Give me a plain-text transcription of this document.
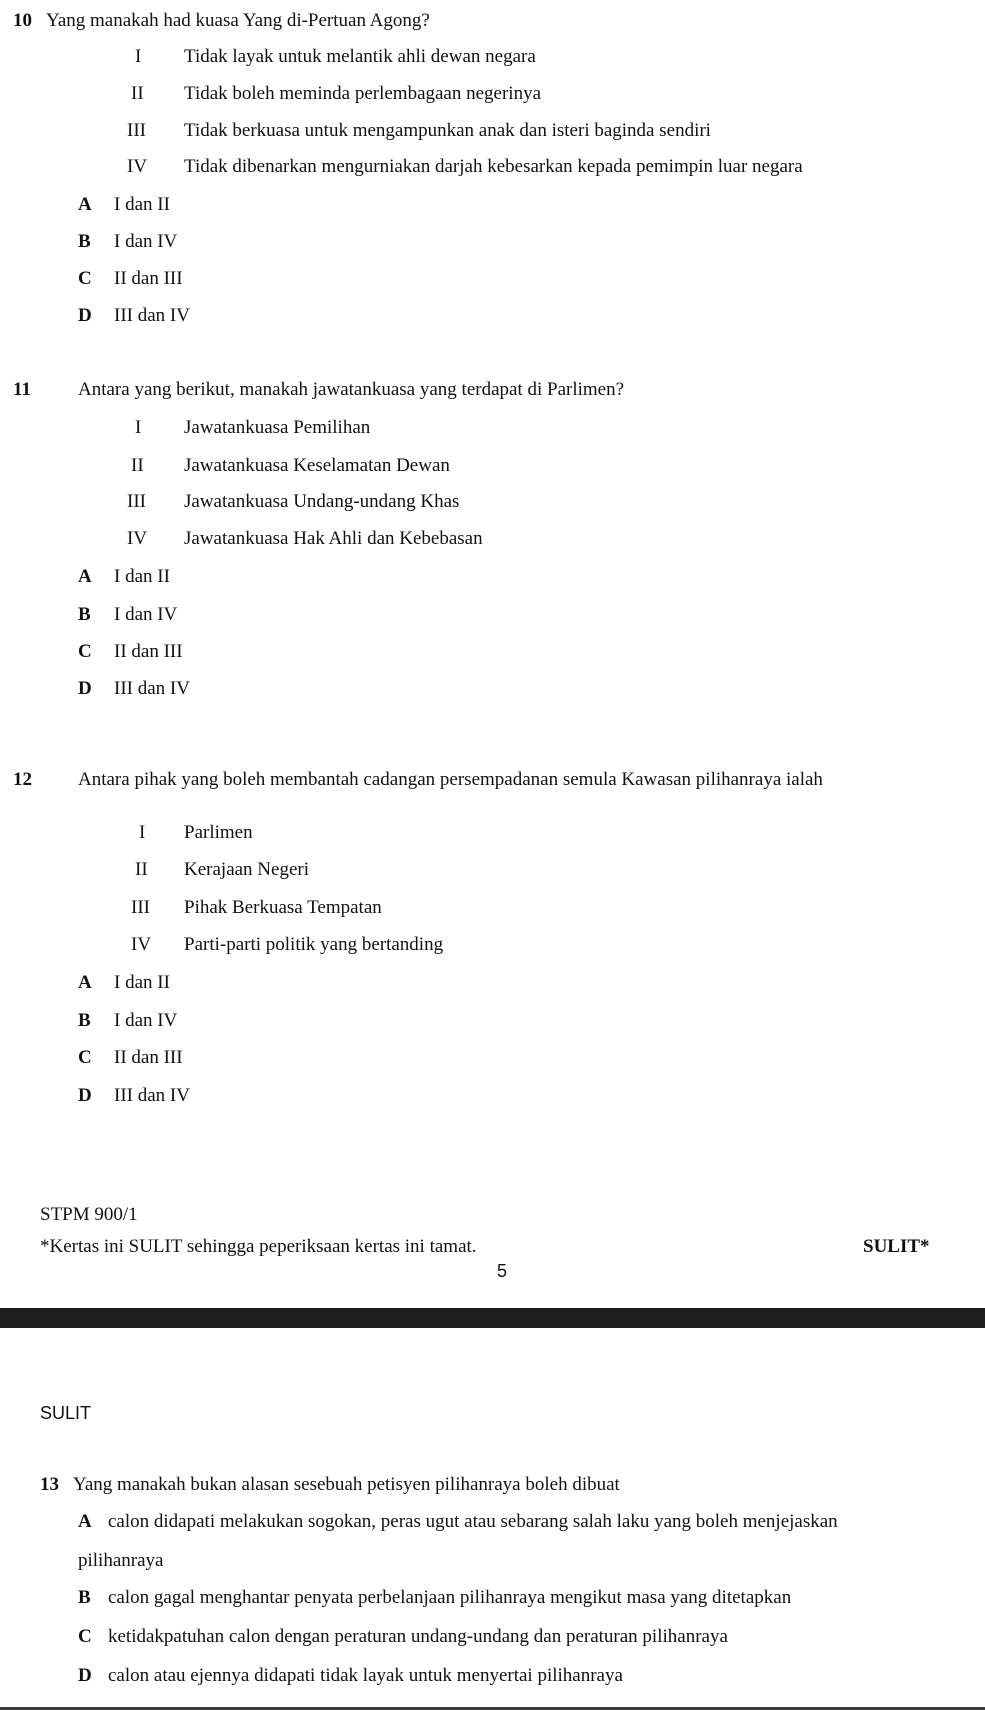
10 Yang manakah had kuasa Yang di-Pertuan Agong?
I Tidak layak untuk melantik ahli dewan negara
II Tidak boleh meminda perlembagaan negerinya
III Tidak berkuasa untuk mengampunkan anak dan isteri baginda sendiri
IV Tidak dibenarkan mengurniakan darjah kebesarkan kepada pemimpin luar negara
A I dan II
B I dan IV
C II dan III
D III dan IV
11 Antara yang berikut, manakah jawatankuasa yang terdapat di Parlimen?
I Jawatankuasa Pemilihan
II Jawatankuasa Keselamatan Dewan
III Jawatankuasa Undang-undang Khas
IV Jawatankuasa Hak Ahli dan Kebebasan
A I dan II
B I dan IV
C II dan III
D III dan IV
12 Antara pihak yang boleh membantah cadangan persempadanan semula Kawasan pilihanraya ialah
I Parlimen
II Kerajaan Negeri
III Pihak Berkuasa Tempatan
IV Parti-parti politik yang bertanding
A I dan II
B I dan IV
C II dan III
D III dan IV
STPM 900/1
*Kertas ini SULIT sehingga peperiksaan kertas ini tamat.	SULIT*
5
SULIT
13 Yang manakah bukan alasan sesebuah petisyen pilihanraya boleh dibuat
A calon didapati melakukan sogokan, peras ugut atau sebarang salah laku yang boleh menjejaskan
pilihanraya
B calon gagal menghantar penyata perbelanjaan pilihanraya mengikut masa yang ditetapkan
C ketidakpatuhan calon dengan peraturan undang-undang dan peraturan pilihanraya
D calon atau ejennya didapati tidak layak untuk menyertai pilihanraya
